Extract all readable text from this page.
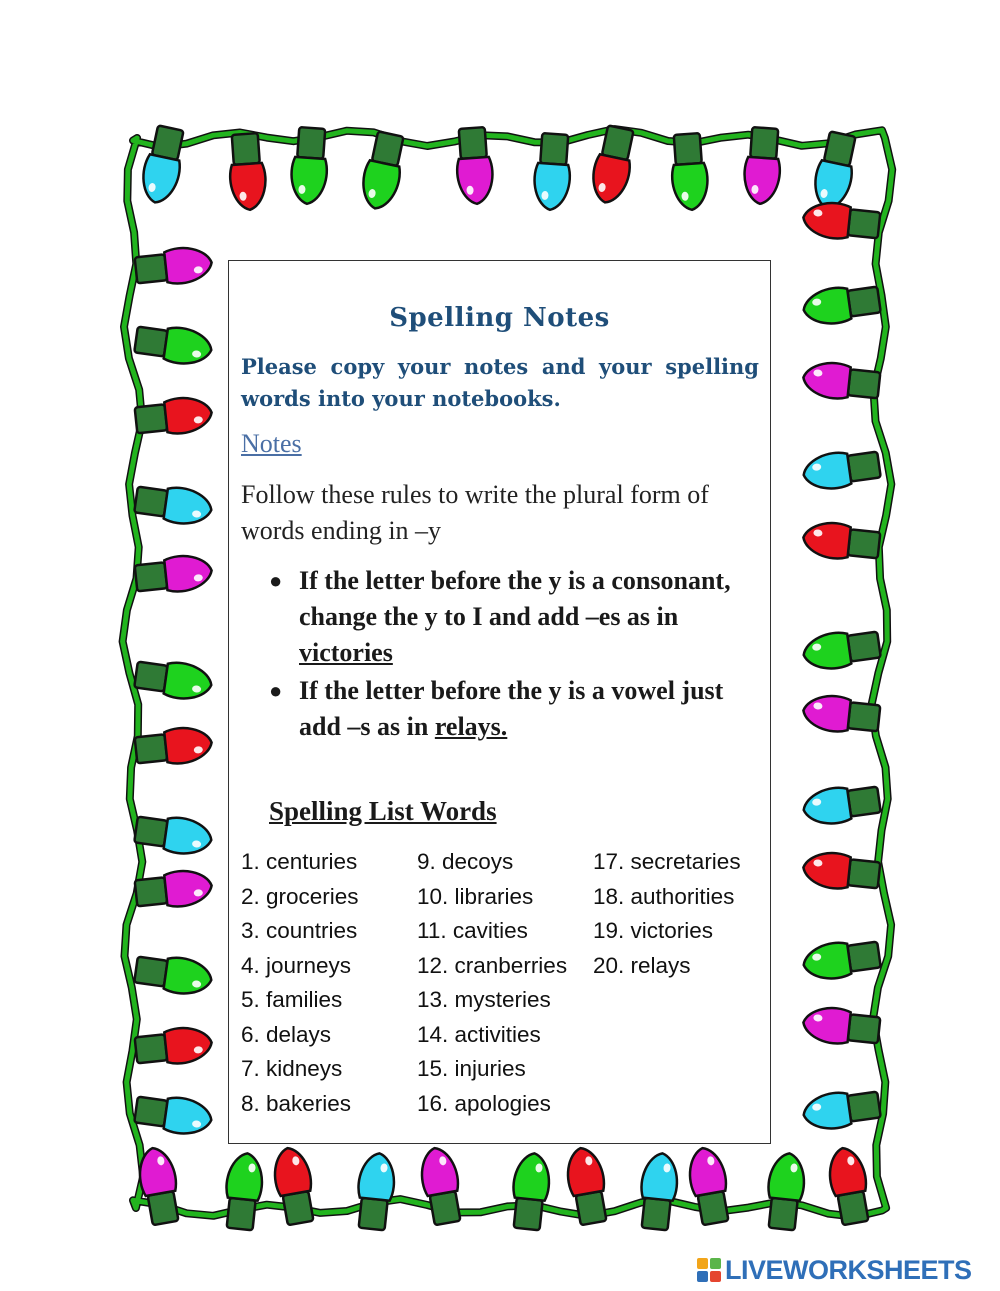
Spelling Notes
Please copy your notes and your spelling words into your notebooks.
Notes
Follow these rules to write the plural form of words ending in –y
● If the letter before the y is a consonant, change the y to I and add –es as in victories
● If the letter before the y is a vowel just add –s as in relays.
Spelling List Words
1. centuries
2. groceries
3. countries
4. journeys
5. families
6. delays
7. kidneys
8. bakeries
9. decoys
10. libraries
11. cavities
12. cranberries
13. mysteries
14. activities
15. injuries
16. apologies
17. secretaries
18. authorities
19. victories
20. relays
LIVEWORKSHEETS
